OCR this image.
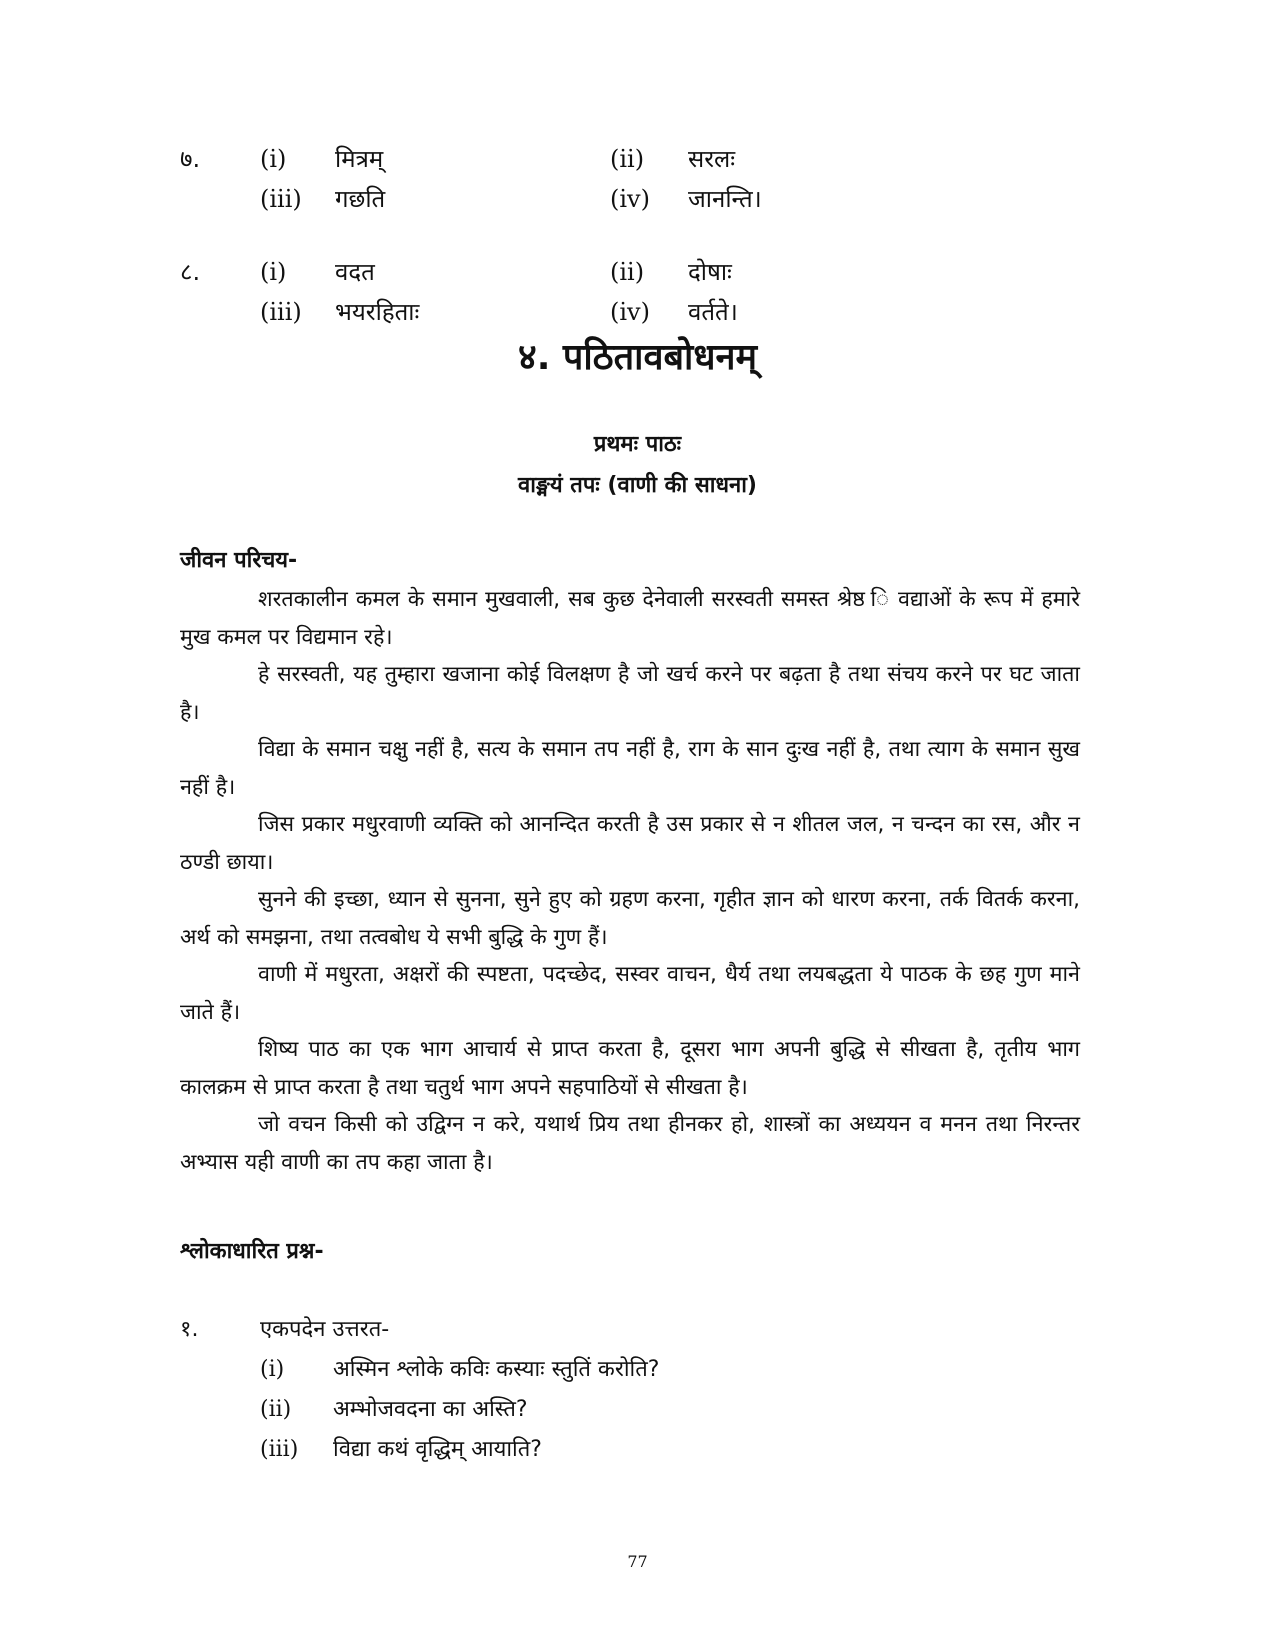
७. (i) मित्रम्	(ii) सरलः
(iii) गछति	(iv) जानन्ति।
८. (i) वदत	(ii) दोषाः
(iii) भयरहिताः	(iv) वर्तते।
४. पठितावबोधनम्
प्रथमः पाठः
वाङ्मयं तपः (वाणी की साधना)
जीवन परिचय-

शरतकालीन कमल के समान मुखवाली, सब कुछ देनेवाली सरस्वती समस्त श्रेष्ठ ि वद्याओं के रूप में हमारे मुख कमल पर विद्यमान रहे।

हे सरस्वती, यह तुम्हारा खजाना कोई विलक्षण है जो खर्च करने पर बढ़ता है तथा संचय करने पर घट जाता है।

विद्या के समान चक्षु नहीं है, सत्य के समान तप नहीं है, राग के सान दुःख नहीं है, तथा त्याग के समान सुख नहीं है।

जिस प्रकार मधुरवाणी व्यक्ति को आनन्दित करती है उस प्रकार से न शीतल जल, न चन्दन का रस, और न ठण्डी छाया।

सुनने की इच्छा, ध्यान से सुनना, सुने हुए को ग्रहण करना, गृहीत ज्ञान को धारण करना, तर्क वितर्क करना, अर्थ को समझना, तथा तत्वबोध ये सभी बुद्धि के गुण हैं।

वाणी में मधुरता, अक्षरों की स्पष्टता, पदच्छेद, सस्वर वाचन, धैर्य तथा लयबद्धता ये पाठक के छह गुण माने जाते हैं।

शिष्य पाठ का एक भाग आचार्य से प्राप्त करता है, दूसरा भाग अपनी बुद्धि से सीखता है, तृतीय भाग कालक्रम से प्राप्त करता है तथा चतुर्थ भाग अपने सहपाठियों से सीखता है।

जो वचन किसी को उद्विग्न न करे, यथार्थ प्रिय तथा हीनकर हो, शास्त्रों का अध्ययन व मनन तथा निरन्तर अभ्यास यही वाणी का तप कहा जाता है।

श्लोकाधारित प्रश्न-
१.	एकपदेन उत्तरत-
(i) अस्मिन श्लोके कविः कस्याः स्तुतिं करोति?
(ii) अम्भोजवदना का अस्ति?
(iii) विद्या कथं वृद्धिम् आयाति?
77
